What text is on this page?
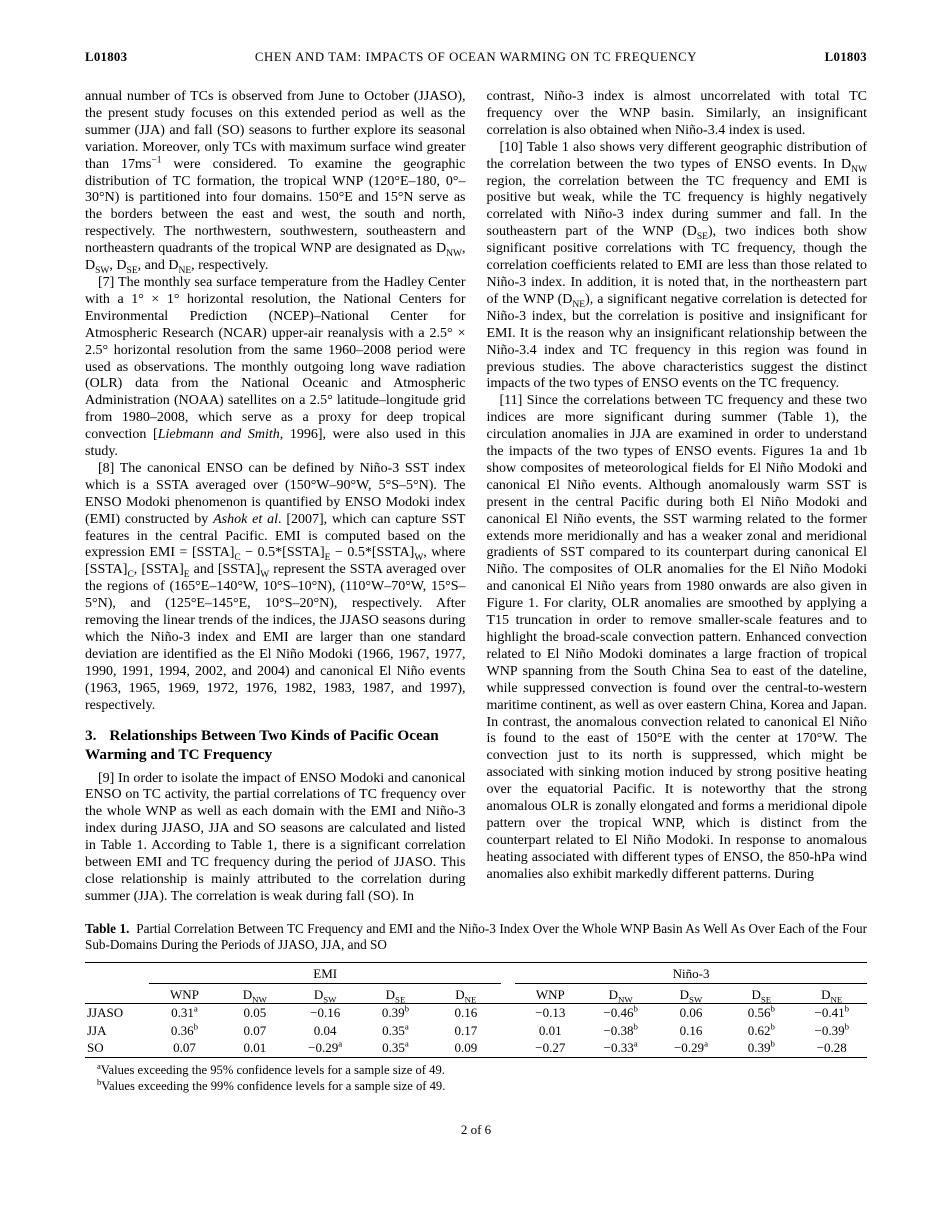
L01803	CHEN AND TAM: IMPACTS OF OCEAN WARMING ON TC FREQUENCY	L01803

annual number of TCs is observed from June to October (JJASO), the present study focuses on this extended period as well as the summer (JJA) and fall (SO) seasons to further explore its seasonal variation. Moreover, only TCs with maximum surface wind greater than $17ms^{-1}$ were considered. To examine the geographic distribution of TC formation, the tropical WNP (120°E–180, 0°–30°N) is partitioned into four domains. 150°E and 15°N serve as the borders between the east and west, the south and north, respectively. The northwestern, southwestern, southeastern and northeastern quadrants of the tropical WNP are designated as $D_{NW}$, $D_{SW}$, $D_{SE}$, and $D_{NE}$, respectively.

[7] The monthly sea surface temperature from the Hadley Center with a 1° × 1° horizontal resolution, the National Centers for Environmental Prediction (NCEP)–National Center for Atmospheric Research (NCAR) upper-air reanalysis with a 2.5° × 2.5° horizontal resolution from the same 1960–2008 period were used as observations. The monthly outgoing long wave radiation (OLR) data from the National Oceanic and Atmospheric Administration (NOAA) satellites on a 2.5° latitude–longitude grid from 1980–2008, which serve as a proxy for deep tropical convection [Liebmann and Smith, 1996], were also used in this study.

[8] The canonical ENSO can be defined by Niño-3 SST index which is a SSTA averaged over (150°W–90°W, 5°S–5°N). The ENSO Modoki phenomenon is quantified by ENSO Modoki index (EMI) constructed by Ashok et al. [2007], which can capture SST features in the central Pacific. EMI is computed based on the expression EMI = $[SSTA]_C$ − $0.5*[SSTA]_E$ − $0.5*[SSTA]_W$, where $[SSTA]_C$, $[SSTA]_E$ and $[SSTA]_W$ represent the SSTA averaged over the regions of (165°E–140°W, 10°S–10°N), (110°W–70°W, 15°S–5°N), and (125°E–145°E, 10°S–20°N), respectively. After removing the linear trends of the indices, the JJASO seasons during which the Niño-3 index and EMI are larger than one standard deviation are identified as the El Niño Modoki (1966, 1967, 1977, 1990, 1991, 1994, 2002, and 2004) and canonical El Niño events (1963, 1965, 1969, 1972, 1976, 1982, 1983, 1987, and 1997), respectively.

3. Relationships Between Two Kinds of Pacific Ocean Warming and TC Frequency

[9] In order to isolate the impact of ENSO Modoki and canonical ENSO on TC activity, the partial correlations of TC frequency over the whole WNP as well as each domain with the EMI and Niño-3 index during JJASO, JJA and SO seasons are calculated and listed in Table 1. According to Table 1, there is a significant correlation between EMI and TC frequency during the period of JJASO. This close relationship is mainly attributed to the correlation during summer (JJA). The correlation is weak during fall (SO). In

contrast, Niño-3 index is almost uncorrelated with total TC frequency over the WNP basin. Similarly, an insignificant correlation is also obtained when Niño-3.4 index is used.

[10] Table 1 also shows very different geographic distribution of the correlation between the two types of ENSO events. In $D_{NW}$ region, the correlation between the TC frequency and EMI is positive but weak, while the TC frequency is highly negatively correlated with Niño-3 index during summer and fall. In the southeastern part of the WNP $(D_{SE})$, two indices both show significant positive correlations with TC frequency, though the correlation coefficients related to EMI are less than those related to Niño-3 index. In addition, it is noted that, in the northeastern part of the WNP $(D_{NE})$, a significant negative correlation is detected for Niño-3 index, but the correlation is positive and insignificant for EMI. It is the reason why an insignificant relationship between the Niño-3.4 index and TC frequency in this region was found in previous studies. The above characteristics suggest the distinct impacts of the two types of ENSO events on the TC frequency.

[11] Since the correlations between TC frequency and these two indices are more significant during summer (Table 1), the circulation anomalies in JJA are examined in order to understand the impacts of the two types of ENSO events. Figures 1a and 1b show composites of meteorological fields for El Niño Modoki and canonical El Niño events. Although anomalously warm SST is present in the central Pacific during both El Niño Modoki and canonical El Niño events, the SST warming related to the former extends more meridionally and has a weaker zonal and meridional gradients of SST compared to its counterpart during canonical El Niño. The composites of OLR anomalies for the El Niño Modoki and canonical El Niño years from 1980 onwards are also given in Figure 1. For clarity, OLR anomalies are smoothed by applying a T15 truncation in order to remove smaller-scale features and to highlight the broad-scale convection pattern. Enhanced convection related to El Niño Modoki dominates a large fraction of tropical WNP spanning from the South China Sea to east of the dateline, while suppressed convection is found over the central-to-western maritime continent, as well as over eastern China, Korea and Japan. In contrast, the anomalous convection related to canonical El Niño is found to the east of 150°E with the center at 170°W. The convection just to its north is suppressed, which might be associated with sinking motion induced by strong positive heating over the equatorial Pacific. It is noteworthy that the strong anomalous OLR is zonally elongated and forms a meridional dipole pattern over the tropical WNP, which is distinct from the counterpart related to El Niño Modoki. In response to anomalous heating associated with different types of ENSO, the 850-hPa wind anomalies also exhibit markedly different patterns. During

Table 1. Partial Correlation Between TC Frequency and EMI and the Niño-3 Index Over the Whole WNP Basin As Well As Over Each of the Four Sub-Domains During the Periods of JJASO, JJA, and SO
	EMI						Niño-3				
	WNP	$D_{NW}$	$D_{SW}$	$D_{SE}$	$D_{NE}$		WNP	$D_{NW}$	$D_{SW}$	$D_{SE}$	$D_{NE}$
JJASO	0.31$^a$	0.05	−0.16	0.39$^b$	0.16		−0.13	−0.46$^b$	0.06	0.56$^b$	−0.41$^b$
JJA	0.36$^b$	0.07	0.04	0.35$^a$	0.17		0.01	−0.38$^b$	0.16	0.62$^b$	−0.39$^b$
SO	0.07	0.01	−0.29$^a$	0.35$^a$	0.09		−0.27	−0.33$^a$	−0.29$^a$	0.39$^b$	−0.28
$^a$Values exceeding the 95% confidence levels for a sample size of 49.
$^b$Values exceeding the 99% confidence levels for a sample size of 49.
2 of 6
